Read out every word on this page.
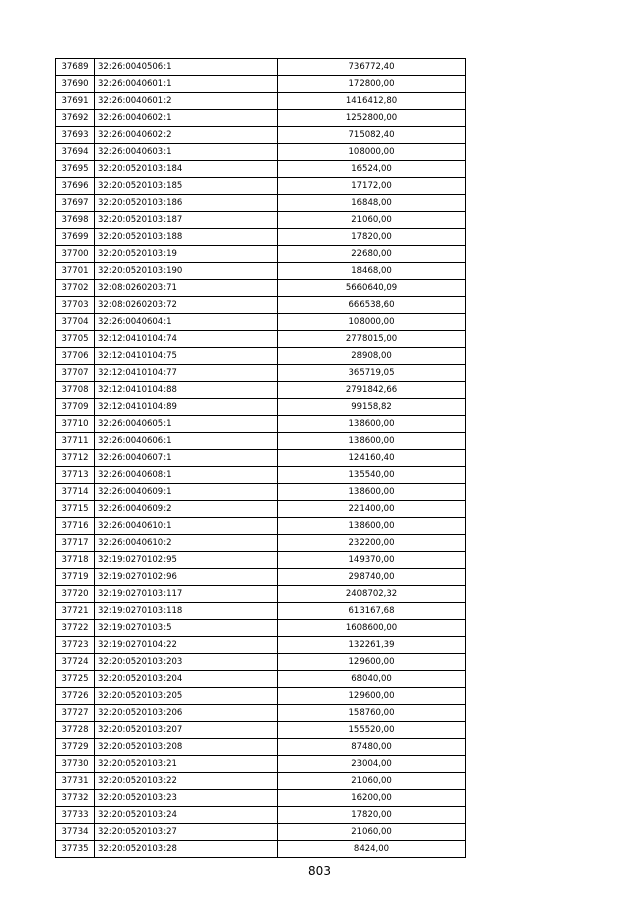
37689	32:26:0040506:1	736772,40
37690	32:26:0040601:1	172800,00
37691	32:26:0040601:2	1416412,80
37692	32:26:0040602:1	1252800,00
37693	32:26:0040602:2	715082,40
37694	32:26:0040603:1	108000,00
37695	32:20:0520103:184	16524,00
37696	32:20:0520103:185	17172,00
37697	32:20:0520103:186	16848,00
37698	32:20:0520103:187	21060,00
37699	32:20:0520103:188	17820,00
37700	32:20:0520103:19	22680,00
37701	32:20:0520103:190	18468,00
37702	32:08:0260203:71	5660640,09
37703	32:08:0260203:72	666538,60
37704	32:26:0040604:1	108000,00
37705	32:12:0410104:74	2778015,00
37706	32:12:0410104:75	28908,00
37707	32:12:0410104:77	365719,05
37708	32:12:0410104:88	2791842,66
37709	32:12:0410104:89	99158,82
37710	32:26:0040605:1	138600,00
37711	32:26:0040606:1	138600,00
37712	32:26:0040607:1	124160,40
37713	32:26:0040608:1	135540,00
37714	32:26:0040609:1	138600,00
37715	32:26:0040609:2	221400,00
37716	32:26:0040610:1	138600,00
37717	32:26:0040610:2	232200,00
37718	32:19:0270102:95	149370,00
37719	32:19:0270102:96	298740,00
37720	32:19:0270103:117	2408702,32
37721	32:19:0270103:118	613167,68
37722	32:19:0270103:5	1608600,00
37723	32:19:0270104:22	132261,39
37724	32:20:0520103:203	129600,00
37725	32:20:0520103:204	68040,00
37726	32:20:0520103:205	129600,00
37727	32:20:0520103:206	158760,00
37728	32:20:0520103:207	155520,00
37729	32:20:0520103:208	87480,00
37730	32:20:0520103:21	23004,00
37731	32:20:0520103:22	21060,00
37732	32:20:0520103:23	16200,00
37733	32:20:0520103:24	17820,00
37734	32:20:0520103:27	21060,00
37735	32:20:0520103:28	8424,00
803
